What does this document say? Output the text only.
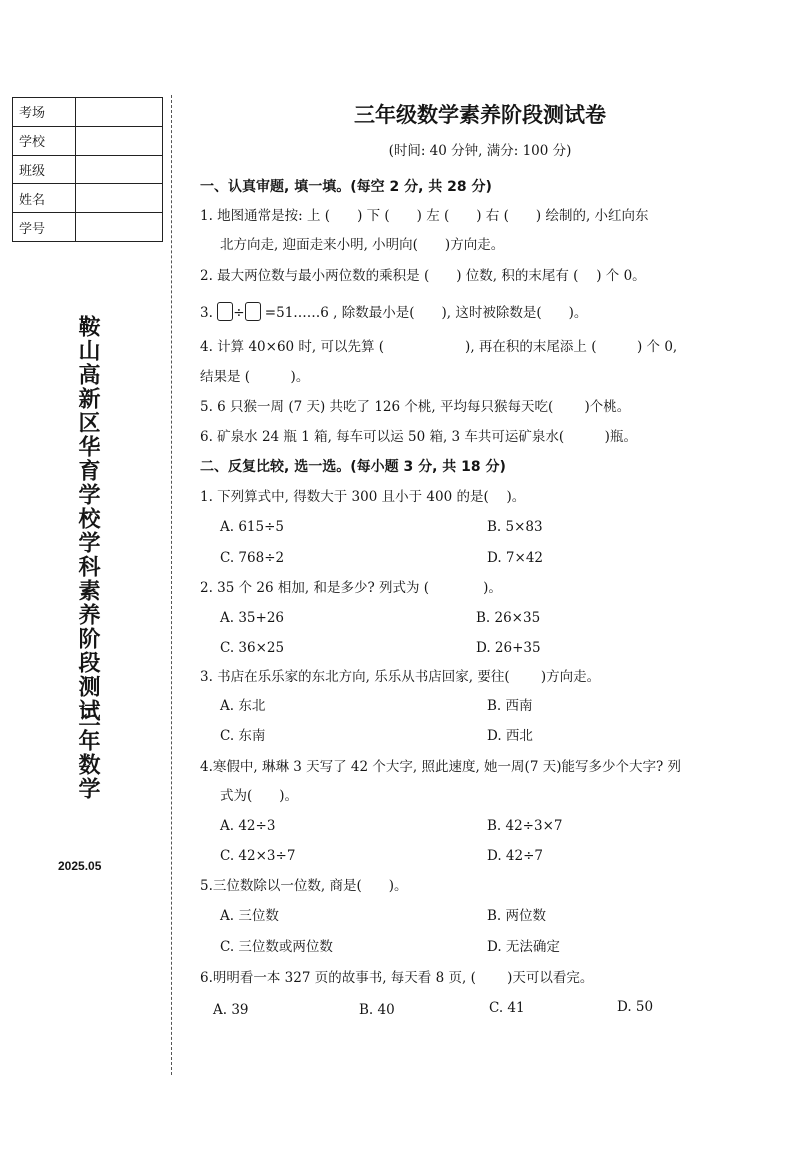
考场	
学校	
班级	
姓名	
学号	
鞍山高新区华育学校学科素养阶段测试
三年数学
2025.05
三年级数学素养阶段测试卷
(时间: 40 分钟, 满分: 100 分)
一、认真审题, 填一填。(每空 2 分, 共 28 分)
1. 地图通常是按: 上 (　　) 下 (　　) 左 (　　) 右 (　　) 绘制的, 小红向东
北方向走, 迎面走来小明, 小明向(　　)方向走。
2. 最大两位数与最小两位数的乘积是 (　　) 位数, 积的末尾有 (　 ) 个 0。
3. ÷ =51……6 , 除数最小是(　　), 这时被除数是(　　)。
4. 计算 40×60 时, 可以先算 (　　　　　　), 再在积的末尾添上 (　　　) 个 0,
结果是 (　　　)。
5. 6 只猴一周 (7 天) 共吃了 126 个桃, 平均每只猴每天吃(　　 )个桃。
6. 矿泉水 24 瓶 1 箱, 每车可以运 50 箱, 3 车共可运矿泉水(　　　)瓶。
二、反复比较, 选一选。(每小题 3 分, 共 18 分)
1. 下列算式中, 得数大于 300 且小于 400 的是(　 )。
A. 615÷5	B. 5×83
C. 768÷2	D. 7×42
2. 35 个 26 相加, 和是多少? 列式为 (　　　　)。
A. 35+26	B. 26×35
C. 36×25	D. 26+35
3. 书店在乐乐家的东北方向, 乐乐从书店回家, 要往(　　 )方向走。
A. 东北	B. 西南
C. 东南	D. 西北
4.寒假中, 琳琳 3 天写了 42 个大字, 照此速度, 她一周(7 天)能写多少个大字? 列
式为(　　)。
A. 42÷3	B. 42÷3×7
C. 42×3÷7	D. 42÷7
5.三位数除以一位数, 商是(　　)。
A. 三位数	B. 两位数
C. 三位数或两位数	D. 无法确定
6.明明看一本 327 页的故事书, 每天看 8 页, (　　 )天可以看完。
A. 39	B. 40	C. 41	D. 50
